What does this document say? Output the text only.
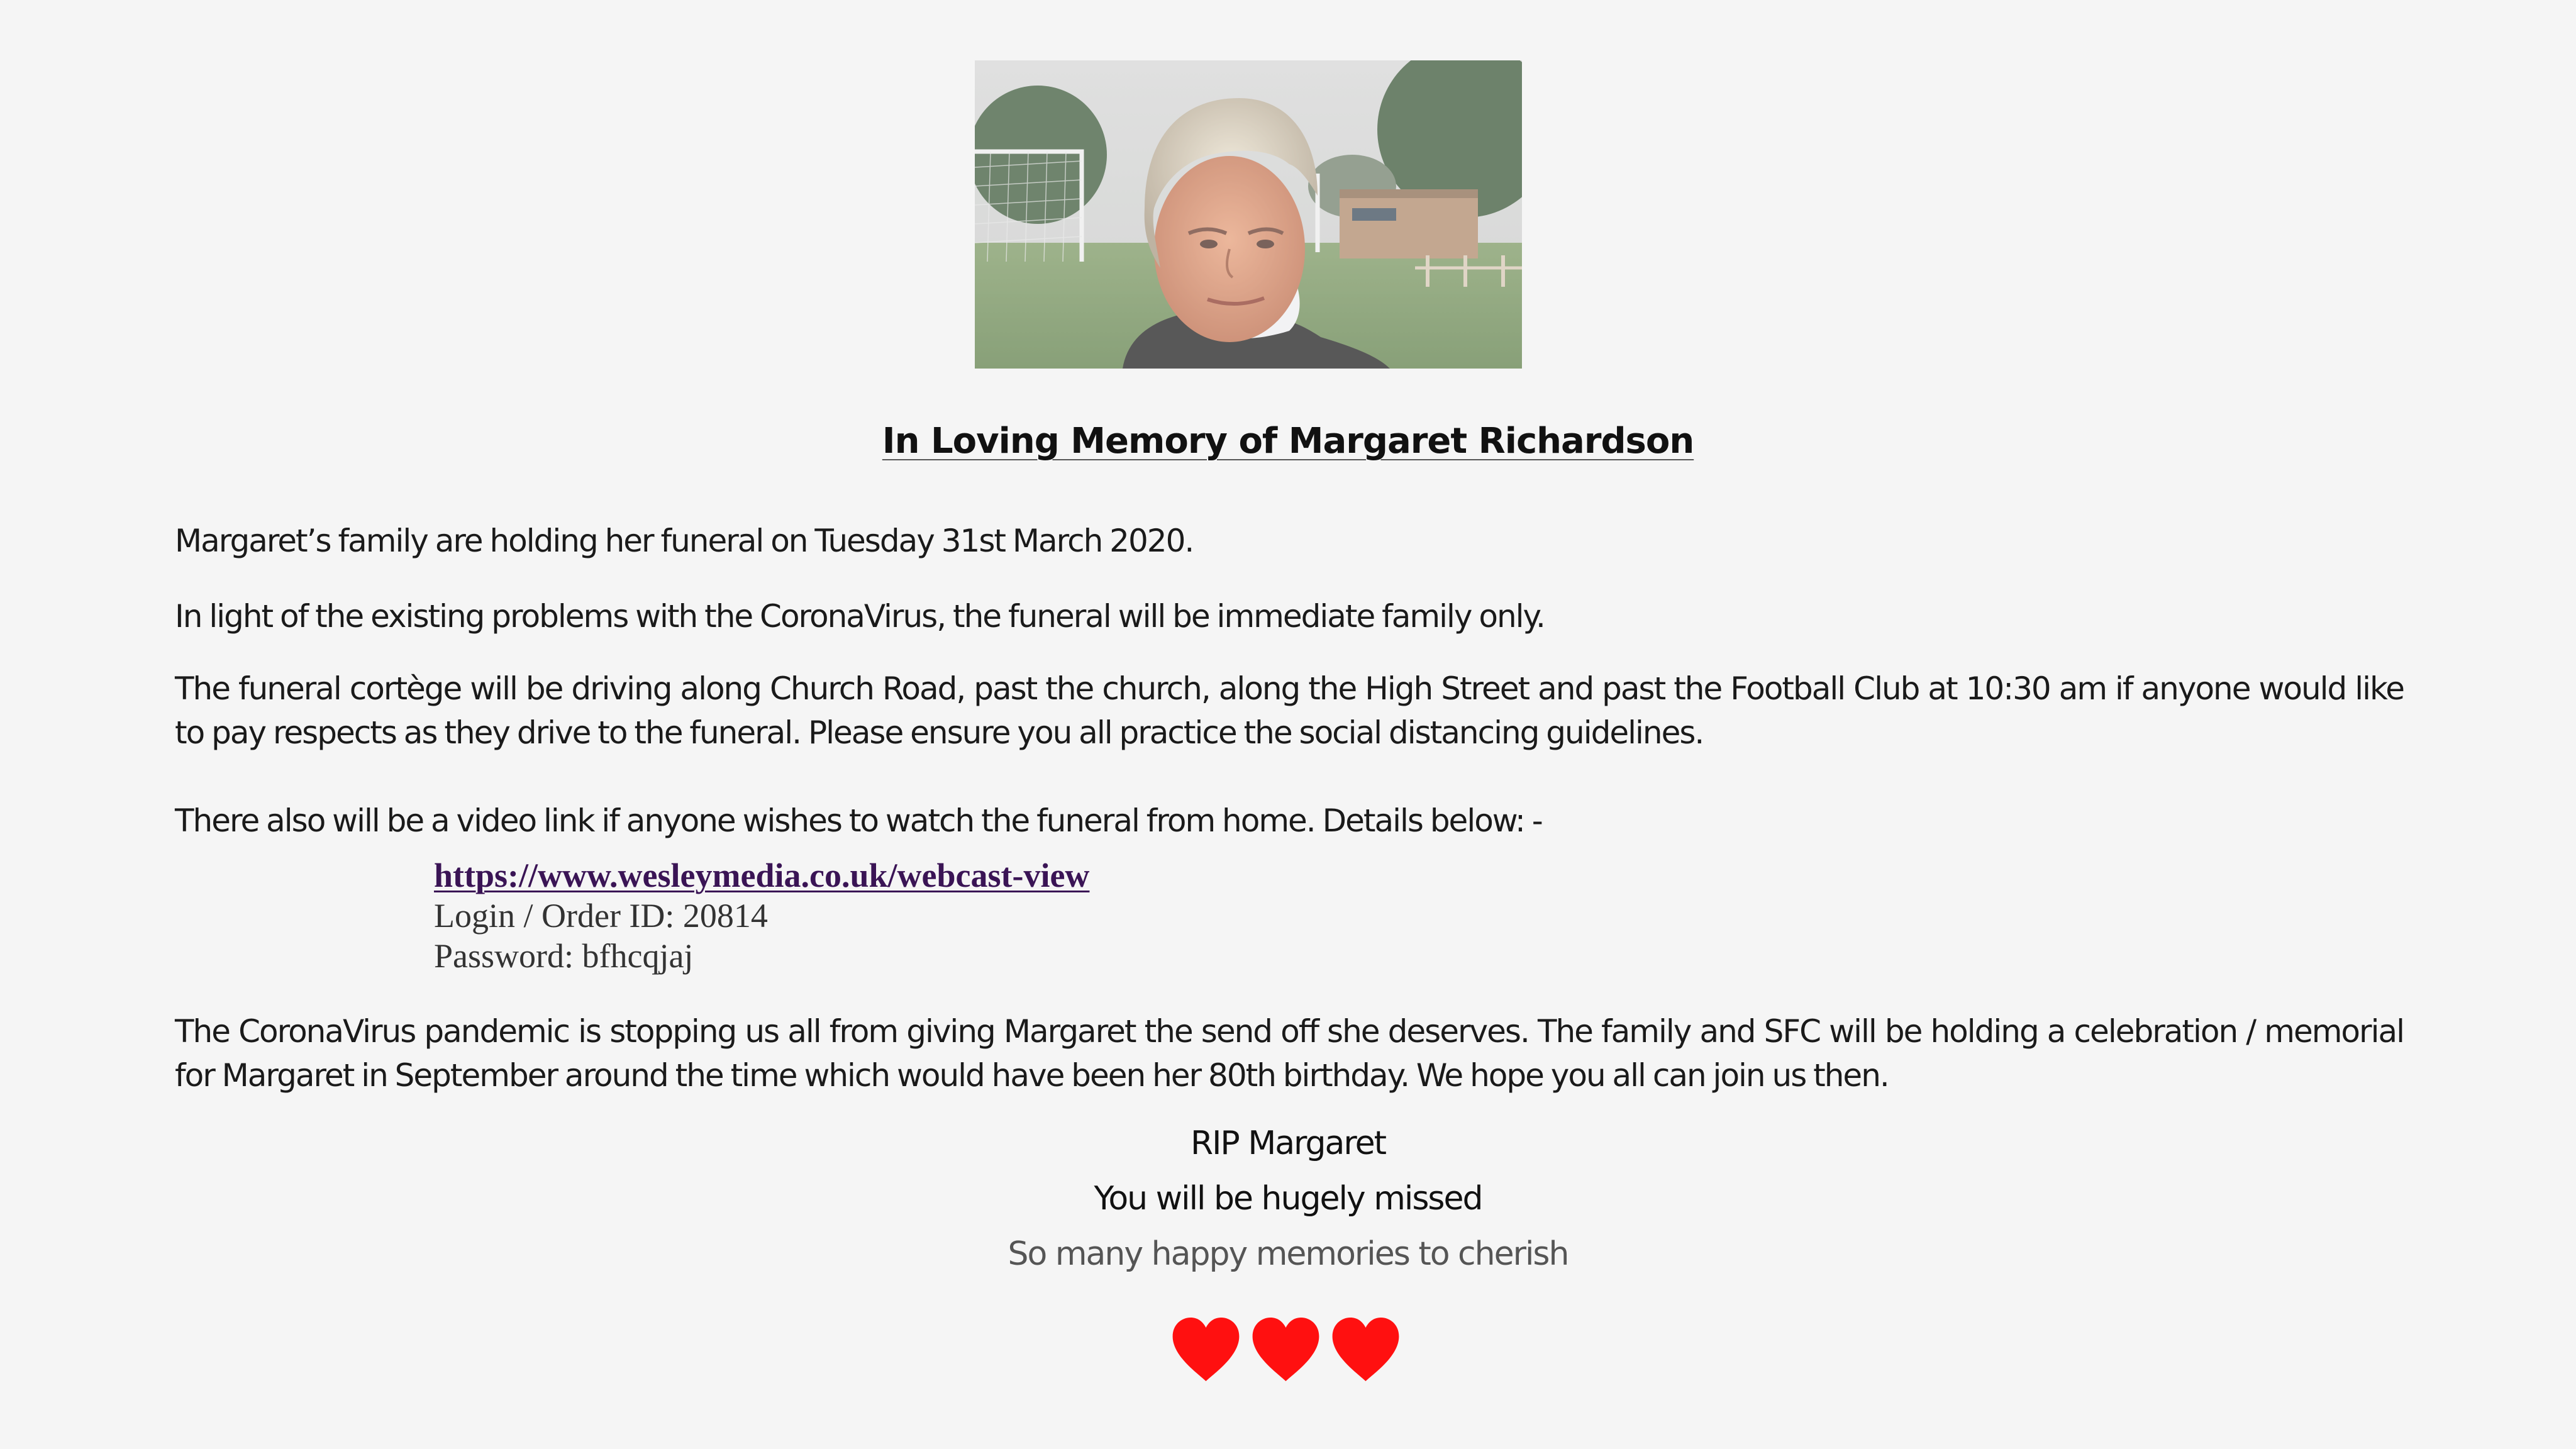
In Loving Memory of Margaret Richardson

Margaret’s family are holding her funeral on Tuesday 31st March 2020.

In light of the existing problems with the CoronaVirus, the funeral will be immediate family only.

The funeral cortège will be driving along Church Road, past the church, along the High Street and past the Football Club at 10:30 am if anyone would like to pay respects as they drive to the funeral. Please ensure you all practice the social distancing guidelines.

There also will be a video link if anyone wishes to watch the funeral from home. Details below: -

https://www.wesleymedia.co.uk/webcast-view
Login / Order ID: 20814
Password: bfhcqjaj

The CoronaVirus pandemic is stopping us all from giving Margaret the send off she deserves. The family and SFC will be holding a celebration / memorial for Margaret in September around the time which would have been her 80th birthday. We hope you all can join us then.

RIP Margaret
You will be hugely missed
So many happy memories to cherish
